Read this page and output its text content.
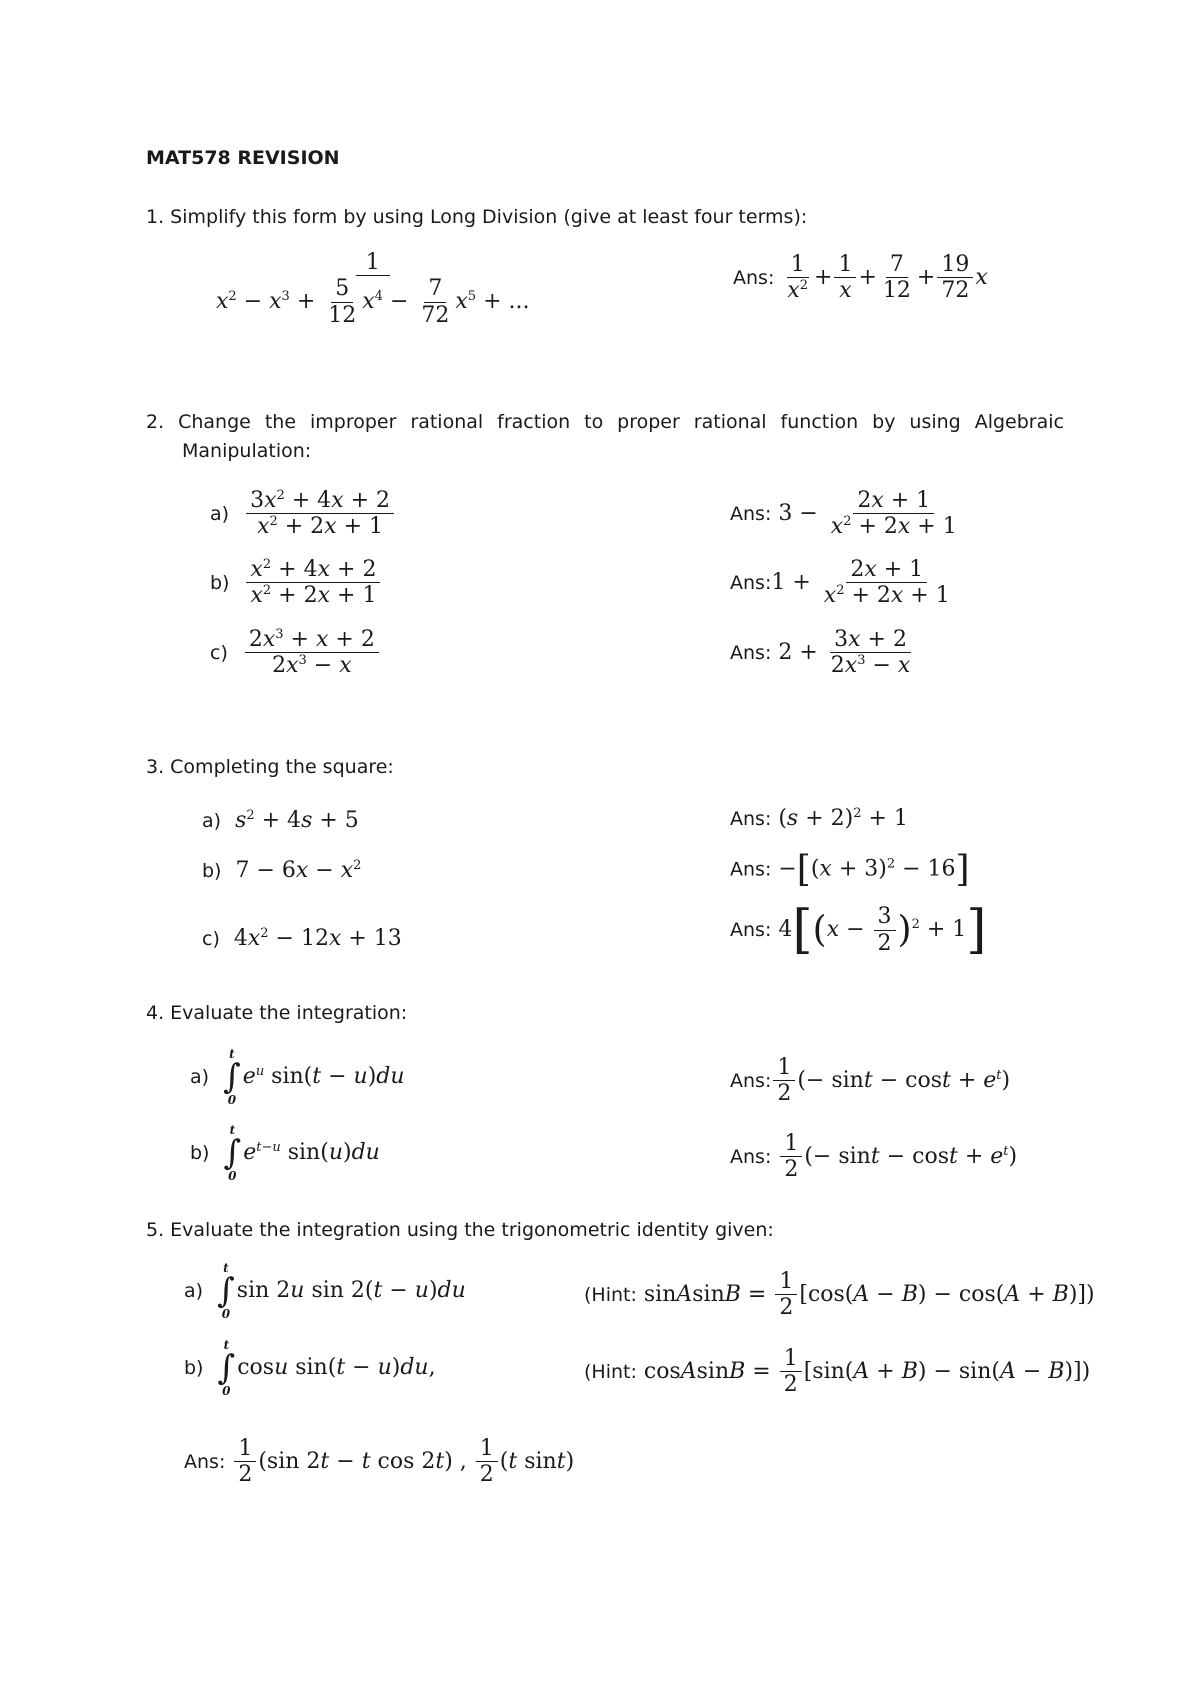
MAT578 REVISION
1. Simplify this form by using Long Division (give at least four terms):
$\frac{1}{x^2 - x^3 + \frac{5}{12} x^4 - \frac{7}{72} x^5 + ...}$	Ans: $\frac{1}{x^2} + \frac{1}{x} + \frac{7}{12} + \frac{19}{72}$ x
2. Change the improper rational fraction to proper rational function by using Algebraic
Manipulation:
$a) \frac{3x^2 + 4x + 2}{x^2 + 2x + 1}$	Ans: $3 - \frac{2x + 1}{x^2 + 2x + 1}$
$b) \frac{x^2 + 4x + 2}{x^2 + 2x + 1}$	Ans:1 + $\frac{2x + 1}{x^2 + 2x + 1}$
$c) \frac{2x^3 + x + 2}{2x^3 - x}$	Ans: $2 + \frac{3x + 2}{2x^3 - x}$
3. Completing the square:
a) $s^2 + 4s + 5$	Ans: $(s + 2)^2 + 1$
b)  $7 - 6x - x^2$	Ans: $-[(x + 3)^2 - 16]$
c)  $4x^2 - 12x + 13$	Ans: $4[(x - \frac{3}{2} )^2 + 1]$
4. Evaluate the integration:
a)
t
∫
0
$e^u$ sin(t − u)du	Ans: $\frac{1}{2}$ (− $\sin t - \cos t + e^t$)
b)
t
∫
0
$e^{t-u}$ sin(u)du	Ans: $\frac{1}{2}$ (− $\sin t - \cos t + e^t$)
5. Evaluate the integration using the trigonometric identity given:
a)
t
∫
0
sin 2u sin 2(t − u)du	(Hint: sinAsinB = $\frac{1}{2} [\cos(A - B) - \cos(A + B)]$)
b)
t
∫
0
cosu sin(t − u)du,	(Hint: cosAsinB = $\frac{1}{2} [\sin(A + B) - \sin(A - B)]$)
Ans: $\frac{1}{2} (\sin$ 2t − t cos 2t) , $\frac{1}{2} (t$ sint)
